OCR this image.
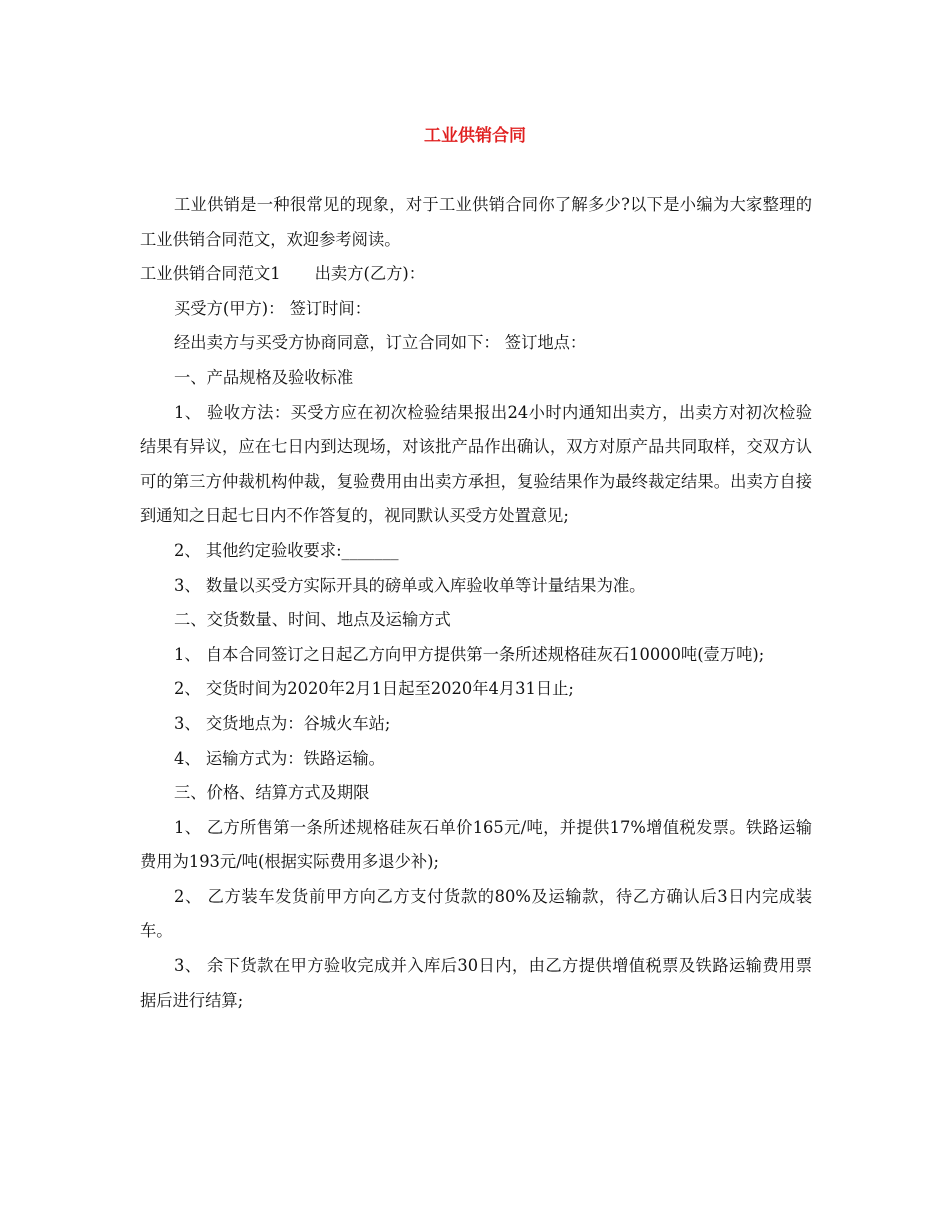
工业供销合同

工业供销是一种很常见的现象，对于工业供销合同你了解多少?以下是小编为大家整理的工业供销合同范文，欢迎参考阅读。

工业供销合同范文1 出卖方(乙方)：

买受方(甲方)： 签订时间：

经出卖方与买受方协商同意，订立合同如下： 签订地点：

一、产品规格及验收标准

1、 验收方法：买受方应在初次检验结果报出24小时内通知出卖方，出卖方对初次检验结果有异议，应在七日内到达现场，对该批产品作出确认，双方对原产品共同取样，交双方认可的第三方仲裁机构仲裁，复验费用由出卖方承担，复验结果作为最终裁定结果。出卖方自接到通知之日起七日内不作答复的，视同默认买受方处置意见;

2、 其他约定验收要求:_______

3、 数量以买受方实际开具的磅单或入库验收单等计量结果为准。

二、交货数量、时间、地点及运输方式

1、 自本合同签订之日起乙方向甲方提供第一条所述规格硅灰石10000吨(壹万吨);

2、 交货时间为2020年2月1日起至2020年4月31日止;

3、 交货地点为：谷城火车站;

4、 运输方式为：铁路运输。

三、价格、结算方式及期限

1、 乙方所售第一条所述规格硅灰石单价165元/吨，并提供17%增值税发票。铁路运输费用为193元/吨(根据实际费用多退少补);

2、 乙方装车发货前甲方向乙方支付货款的80%及运输款，待乙方确认后3日内完成装车。

3、 余下货款在甲方验收完成并入库后30日内，由乙方提供增值税票及铁路运输费用票据后进行结算;
